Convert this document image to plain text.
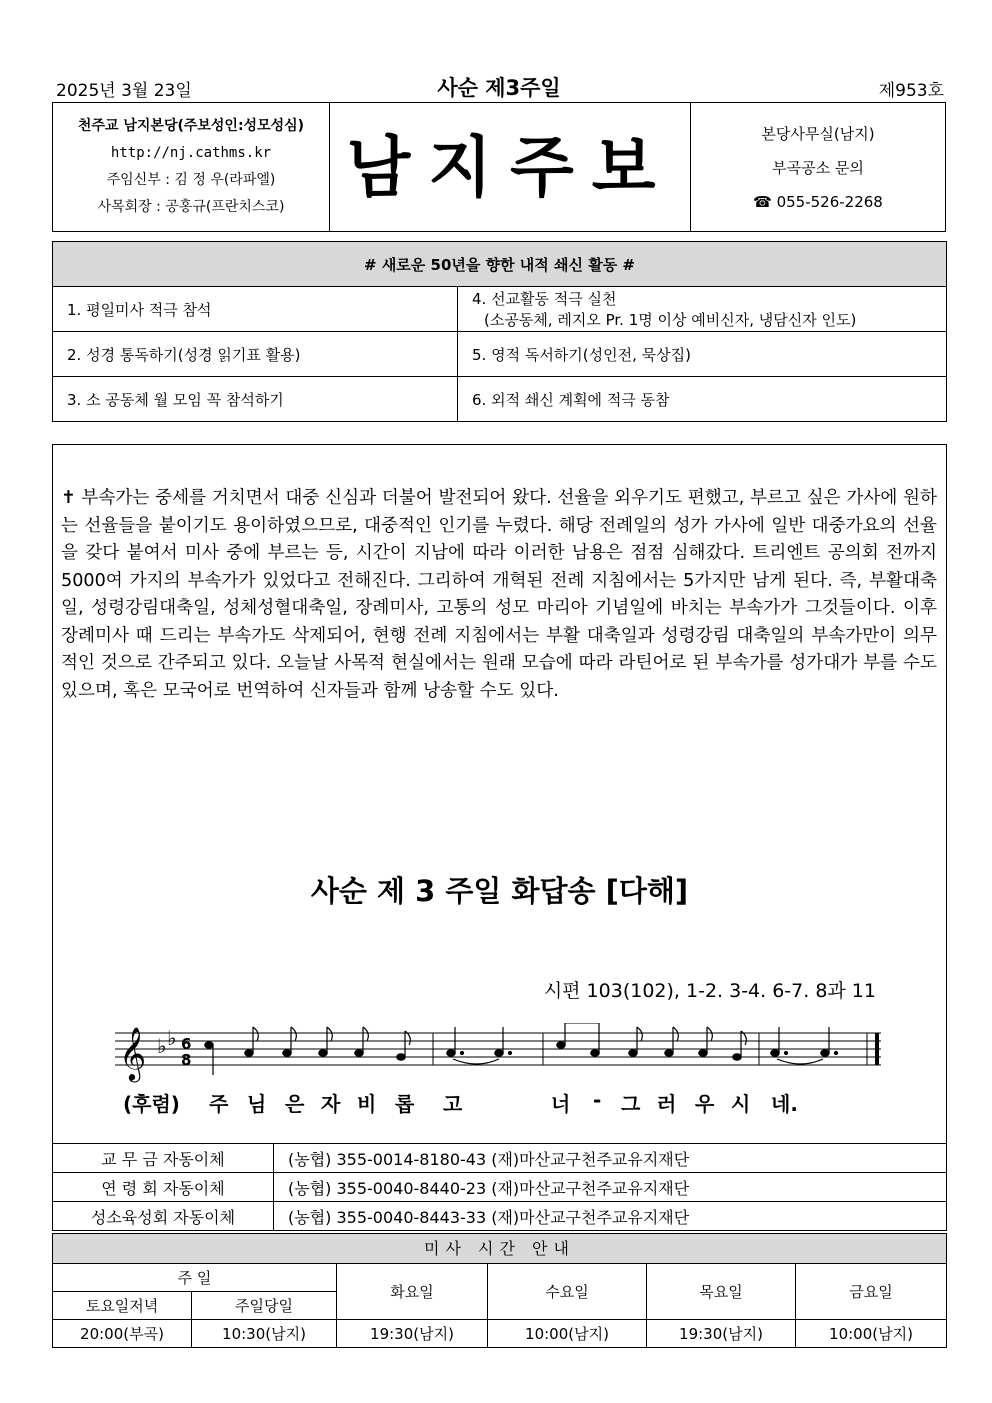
사순 제3주일
2025년 3월 23일	제953호
천주교 남지본당(주보성인:성모성심)
http://nj.cathms.kr
주임신부 : 김 정 우(라파엘)
사목회장 : 공홍규(프란치스코)
남지주보	본당사무실(남지)
부곡공소 문의
☎ 055-526-2268
# 새로운 50년을 향한 내적 쇄신 활동 #	
1. 평일미사 적극 참석	4. 선교활동 적극 실천
(소공동체, 레지오 Pr. 1명 이상 예비신자, 냉담신자 인도)

2. 성경 통독하기(성경 읽기표 활용)	5. 영적 독서하기(성인전, 묵상집)
3. 소 공동체 월 모임 꼭 참석하기	6. 외적 쇄신 계획에 적극 동참
✝ 부속가는 중세를 거치면서 대중 신심과 더불어 발전되어 왔다. 선율을 외우기도 편했고, 부르고 싶은 가사에 원하는 선율들을 붙이기도 용이하였으므로, 대중적인 인기를 누렸다. 해당 전례일의 성가 가사에 일반 대중가요의 선율을 갖다 붙여서 미사 중에 부르는 등, 시간이 지남에 따라 이러한 남용은 점점 심해갔다. 트리엔트 공의회 전까지 5000여 가지의 부속가가 있었다고 전해진다. 그리하여 개혁된 전례 지침에서는 5가지만 남게 된다. 즉, 부활대축일, 성령강림대축일, 성체성혈대축일, 장례미사, 고통의 성모 마리아 기념일에 바치는 부속가가 그것들이다. 이후 장례미사 때 드리는 부속가도 삭제되어, 현행 전례 지침에서는 부활 대축일과 성령강림 대축일의 부속가만이 의무적인 것으로 간주되고 있다. 오늘날 사목적 현실에서는 원래 모습에 따라 라틴어로 된 부속가를 성가대가 부를 수도 있으며, 혹은 모국어로 번역하여 신자들과 함께 낭송할 수도 있다.
사순 제 3 주일 화답송 [다해]
시편 103(102), 1-2. 3-4. 6-7. 8과 11
𝄞 ♭ ♭ 6
8
(후렴) 주 님 은 자 비 롭 고	너 - 그 러 우 시 네.
교 무 금 자동이체	(농협) 355-0014-8180-43 (재)마산교구천주교유지재단
연 령 회 자동이체	(농협) 355-0040-8440-23 (재)마산교구천주교유지재단
성소육성회 자동이체	(농협) 355-0040-8443-33 (재)마산교구천주교유지재단
미사 시간 안내
주 일		화요일	수요일	목요일	금요일
토요일저녁	주일당일				
20:00(부곡)	10:30(남지)	19:30(남지)	10:00(남지)	19:30(남지)	10:00(남지)
